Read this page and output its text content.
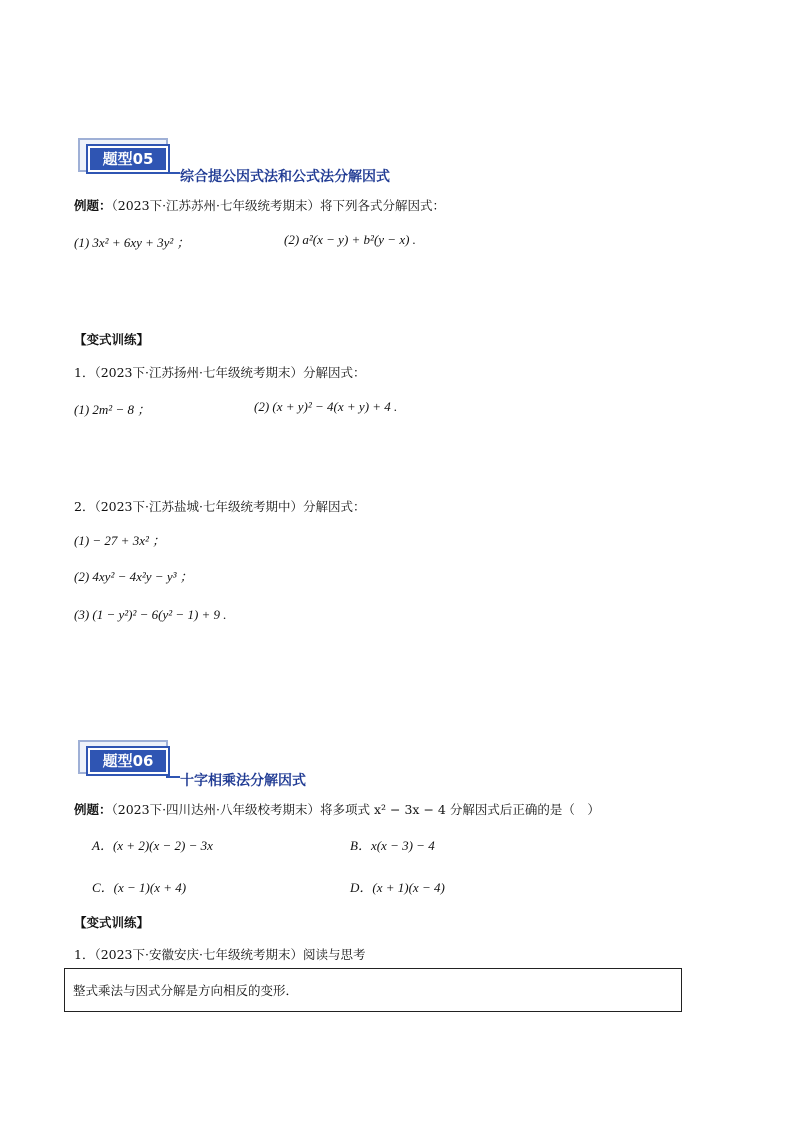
题型05
综合提公因式法和公式法分解因式
例题：（2023下·江苏苏州·七年级统考期末）将下列各式分解因式：
(1) 3x² + 6xy + 3y² ；	(2) a²(x − y) + b²(y − x) .
【变式训练】
1．（2023下·江苏扬州·七年级统考期末）分解因式：
(1) 2m² − 8 ；	(2) (x + y)² − 4(x + y) + 4 .
2．（2023下·江苏盐城·七年级统考期中）分解因式：
(1) − 27 + 3x² ；
(2) 4xy² − 4x²y − y³ ；
(3) (1 − y²)² − 6(y² − 1) + 9 .
题型06
十字相乘法分解因式
例题：（2023下·四川达州·八年级校考期末）将多项式 x² − 3x − 4 分解因式后正确的是（　）
A．(x + 2)(x − 2) − 3x	B．x(x − 3) − 4
C．(x − 1)(x + 4)	D．(x + 1)(x − 4)
【变式训练】
1．（2023下·安徽安庆·七年级统考期末）阅读与思考
整式乘法与因式分解是方向相反的变形．
